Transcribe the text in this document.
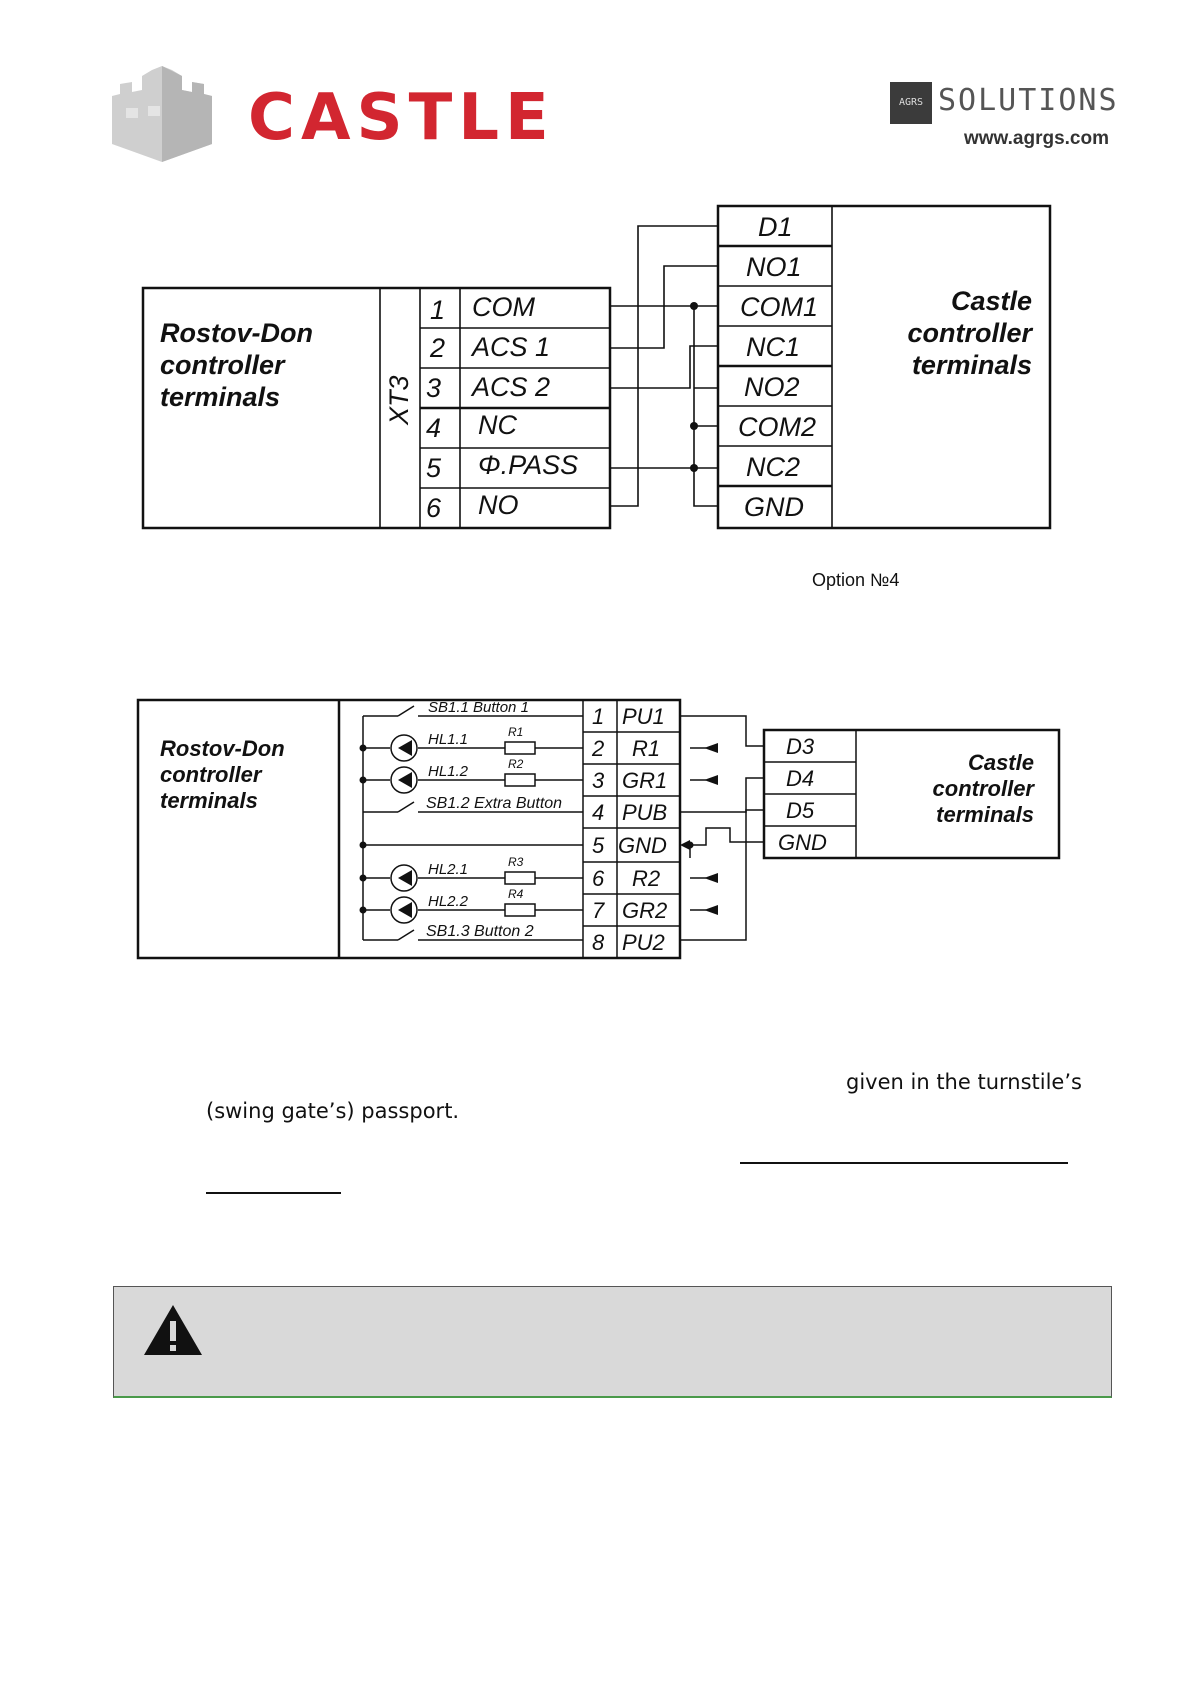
CASTLE	AGRS SOLUTIONS
www.agrgs.com
Rostov-Don
controller
terminals	XT3
1 COM
2 ACS 1
3 ACS 2
4 NC
5 Φ.PASS
6 NO
D1
NO1
COM1
NC1
NO2
COM2
NC2
GND
Castle
controller
terminals
Option №4
Rostov-Don
controller
terminals
SB1.1 Button 1
HL1.1	R1
HL1.2	R2
SB1.2 Extra Button
HL2.1	R3
HL2.2	R4
SB1.3 Button 2
1 PU1
2 R1
3 GR1
4 PUB
5 GND
6 R2
7 GR2
8 PU2
D3
D4
D5
GND
Castle
controller
terminals
given in the turnstile’s
(swing gate’s) passport.
